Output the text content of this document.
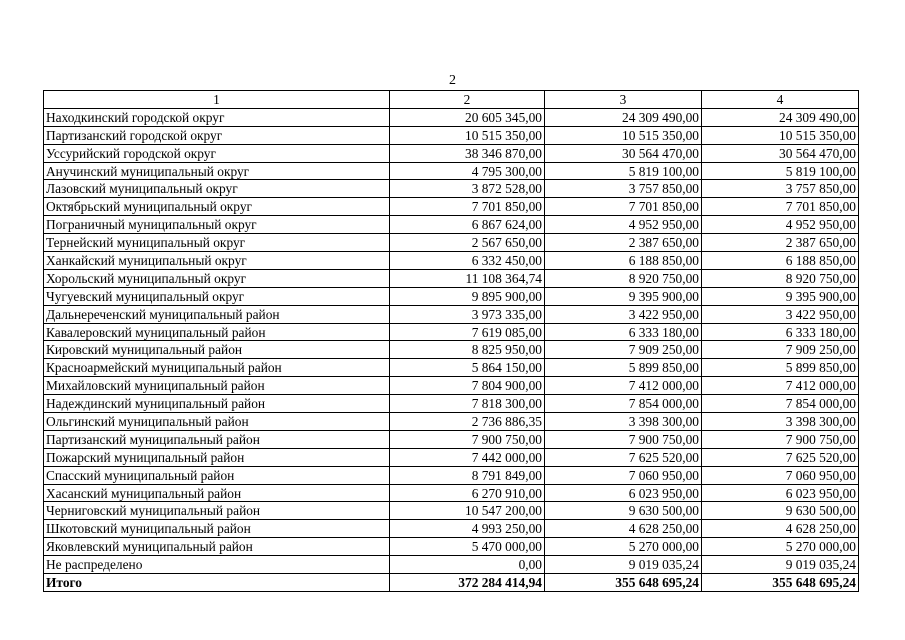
2
1	2	3	4
Находкинский городской округ	20 605 345,00	24 309 490,00	24 309 490,00
Партизанский городской округ	10 515 350,00	10 515 350,00	10 515 350,00
Уссурийский городской округ	38 346 870,00	30 564 470,00	30 564 470,00
Анучинский муниципальный округ	4 795 300,00	5 819 100,00	5 819 100,00
Лазовский муниципальный округ	3 872 528,00	3 757 850,00	3 757 850,00
Октябрьский муниципальный округ	7 701 850,00	7 701 850,00	7 701 850,00
Пограничный муниципальный округ	6 867 624,00	4 952 950,00	4 952 950,00
Тернейский муниципальный округ	2 567 650,00	2 387 650,00	2 387 650,00
Ханкайский муниципальный округ	6 332 450,00	6 188 850,00	6 188 850,00
Хорольский муниципальный округ	11 108 364,74	8 920 750,00	8 920 750,00
Чугуевский муниципальный округ	9 895 900,00	9 395 900,00	9 395 900,00
Дальнереченский муниципальный район	3 973 335,00	3 422 950,00	3 422 950,00
Кавалеровский муниципальный район	7 619 085,00	6 333 180,00	6 333 180,00
Кировский муниципальный район	8 825 950,00	7 909 250,00	7 909 250,00
Красноармейский муниципальный район	5 864 150,00	5 899 850,00	5 899 850,00
Михайловский муниципальный район	7 804 900,00	7 412 000,00	7 412 000,00
Надеждинский муниципальный район	7 818 300,00	7 854 000,00	7 854 000,00
Ольгинский муниципальный район	2 736 886,35	3 398 300,00	3 398 300,00
Партизанский муниципальный район	7 900 750,00	7 900 750,00	7 900 750,00
Пожарский муниципальный район	7 442 000,00	7 625 520,00	7 625 520,00
Спасский муниципальный район	8 791 849,00	7 060 950,00	7 060 950,00
Хасанский муниципальный район	6 270 910,00	6 023 950,00	6 023 950,00
Черниговский муниципальный район	10 547 200,00	9 630 500,00	9 630 500,00
Шкотовский муниципальный район	4 993 250,00	4 628 250,00	4 628 250,00
Яковлевский муниципальный район	5 470 000,00	5 270 000,00	5 270 000,00
Не распределено	0,00	9 019 035,24	9 019 035,24
Итого	372 284 414,94	355 648 695,24	355 648 695,24
